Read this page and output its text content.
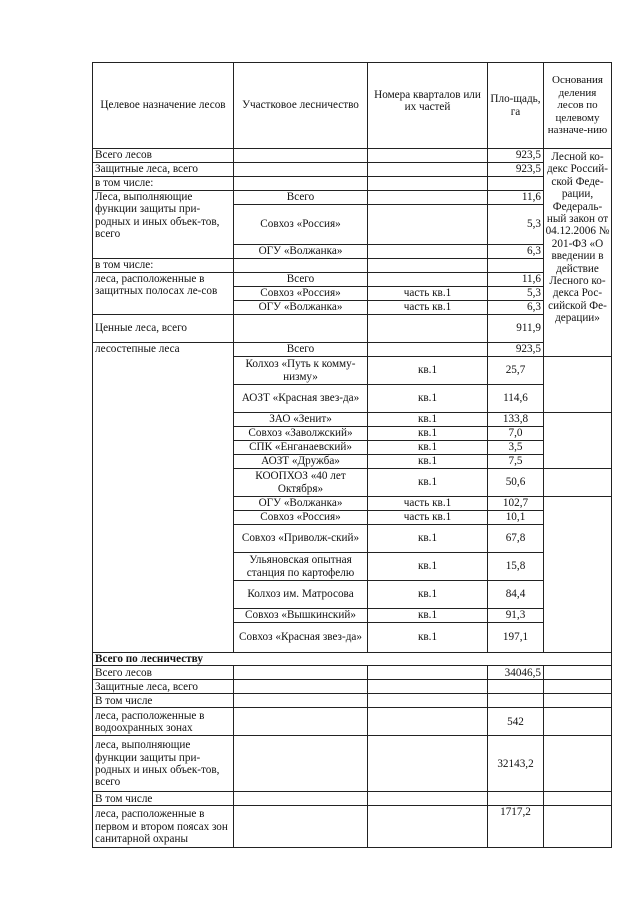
Целевое назначение лесов	Участковое лесничество	Номера кварталов или их частей	Пло-щадь, га	Основания деления лесов по целевому назначе-нию
Всего лесов			923,5	Лесной ко-декс Россий-ской Феде-рации, Федераль-ный закон от 04.12.2006 № 201-ФЗ «О введении в действие Лесного ко-декса Рос-сийской Фе-дерации»
Защитные леса, всего			923,5	
в том числе:				
Леса, выполняющие функции защиты при-родных и иных объек-тов, всего	Всего		11,6	
	Совхоз «Россия»		5,3	
	ОГУ «Волжанка»		6,3	
в том числе:				
леса, расположенные в защитных полосах ле-сов	Всего		11,6	
	Совхоз «Россия»	часть кв.1	5,3	
	ОГУ «Волжанка»	часть кв.1	6,3	
Ценные леса, всего			911,9	
лесостепные леса	Всего		923,5	
	Колхоз «Путь к комму-низму»	кв.1	25,7	
	АОЗТ «Красная звез-да»	кв.1	114,6	
	ЗАО «Зенит»	кв.1	133,8	
	Совхоз «Заволжский»	кв.1	7,0	
	СПК «Енганаевский»	кв.1	3,5	
	АОЗТ «Дружба»	кв.1	7,5	
	КООПХОЗ «40 лет Октября»	кв.1	50,6	
	ОГУ «Волжанка»	часть кв.1	102,7	
	Совхоз «Россия»	часть кв.1	10,1	
	Совхоз «Приволж-ский»	кв.1	67,8	
	Ульяновская опытная станция по картофелю	кв.1	15,8	
	Колхоз им. Матросова	кв.1	84,4	
	Совхоз «Вышкинский»	кв.1	91,3	
	Совхоз «Красная звез-да»	кв.1	197,1	
Всего по лесничеству				
Всего лесов			34046,5	
Защитные леса, всего				
В том числе				
леса, расположенные в водоохранных зонах			542	
леса, выполняющие функции защиты при-родных и иных объек-тов, всего			32143,2	
В том числе				
леса, расположенные в первом и втором поясах зон санитарной охраны			1717,2	
